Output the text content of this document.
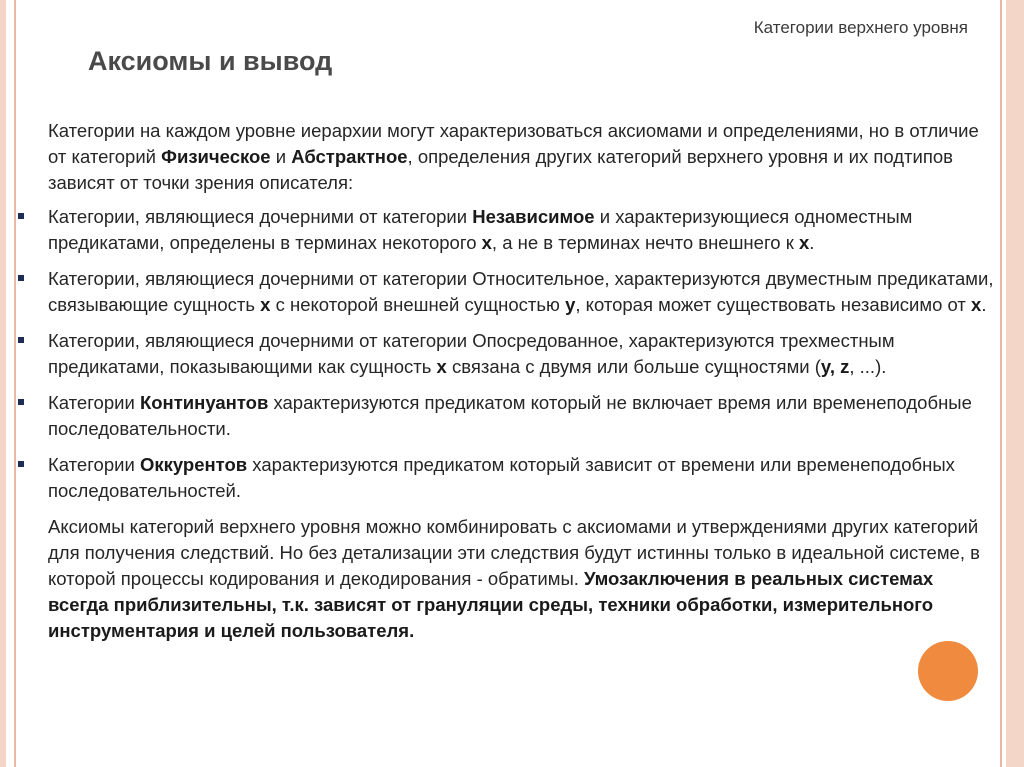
Категории верхнего уровня
Аксиомы и вывод

Категории на каждом уровне иерархии могут характеризоваться аксиомами и определениями, но в отличие от категорий Физическое и Абстрактное, определения других категорий верхнего уровня и их подтипов зависят от точки зрения описателя:

Категории, являющиеся дочерними от категории Независимое и характеризующиеся одноместным предикатами, определены в терминах некоторого x, а не в терминах нечто внешнего к x.

Категории, являющиеся дочерними от категории Относительное, характеризуются двуместным предикатами, связывающие сущность x с некоторой внешней сущностью y, которая может существовать независимо от x.

Категории, являющиеся дочерними от категории Опосредованное, характеризуются трехместным предикатами, показывающими как сущность x связана с двумя или больше сущностями (y, z, ...).

Категории Континуантов характеризуются предикатом который не включает время или временеподобные последовательности.

Категории Оккурентов характеризуются предикатом который зависит от времени или временеподобных последовательностей.

Аксиомы категорий верхнего уровня можно комбинировать с аксиомами и утверждениями других категорий для получения следствий. Но без детализации эти следствия будут истинны только в идеальной системе, в которой процессы кодирования и декодирования - обратимы. Умозаключения в реальных системах всегда приблизительны, т.к. зависят от грануляции среды, техники обработки, измерительного инструментария и целей пользователя.
